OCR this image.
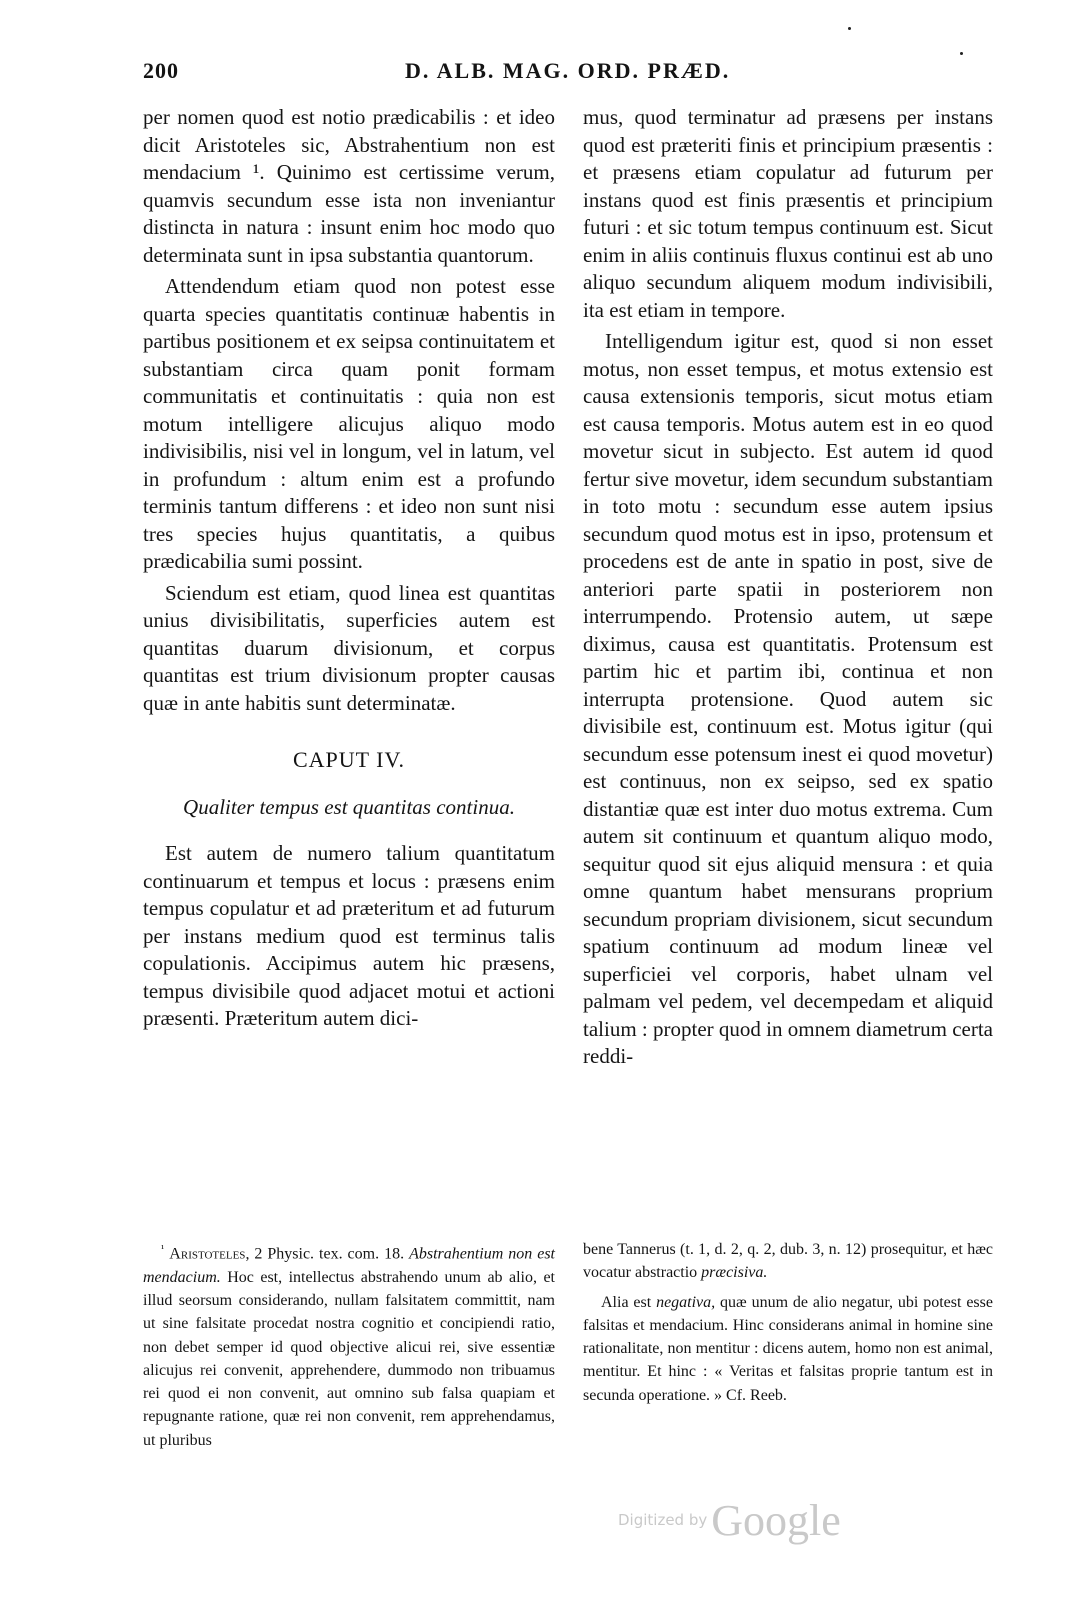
200	D. ALB. MAG. ORD. PRÆD.

per nomen quod est notio prædicabilis : et ideo dicit Aristoteles sic, Abstrahentium non est mendacium ¹. Quinimo est certissime verum, quamvis secundum esse ista non inveniantur distincta in natura : insunt enim hoc modo quo determinata sunt in ipsa substantia quantorum.

Attendendum etiam quod non potest esse quarta species quantitatis continuæ habentis in partibus positionem et ex seipsa continuitatem et substantiam circa quam ponit formam communitatis et continuitatis : quia non est motum intelligere alicujus aliquo modo indivisibilis, nisi vel in longum, vel in latum, vel in profundum : altum enim est a profundo terminis tantum differens : et ideo non sunt nisi tres species hujus quantitatis, a quibus prædicabilia sumi possint.

Sciendum est etiam, quod linea est quantitas unius divisibilitatis, superficies autem est quantitas duarum divisionum, et corpus quantitas est trium divisionum propter causas quæ in ante habitis sunt determinatæ.

CAPUT IV.
Qualiter tempus est quantitas continua.

Est autem de numero talium quantitatum continuarum et tempus et locus : præsens enim tempus copulatur et ad præteritum et ad futurum per instans medium quod est terminus talis copulationis. Accipimus autem hic præsens, tempus divisibile quod adjacet motui et actioni præsenti. Præteritum autem dici-

mus, quod terminatur ad præsens per instans quod est præteriti finis et principium præsentis : et præsens etiam copulatur ad futurum per instans quod est finis præsentis et principium futuri : et sic totum tempus continuum est. Sicut enim in aliis continuis fluxus continui est ab uno aliquo secundum aliquem modum indivisibili, ita est etiam in tempore.

Intelligendum igitur est, quod si non esset motus, non esset tempus, et motus extensio est causa extensionis temporis, sicut motus etiam est causa temporis. Motus autem est in eo quod movetur sicut in subjecto. Est autem id quod fertur sive movetur, idem secundum substantiam in toto motu : secundum esse autem ipsius secundum quod motus est in ipso, protensum et procedens est de ante in spatio in post, sive de anteriori parte spatii in posteriorem non interrumpendo. Protensio autem, ut sæpe diximus, causa est quantitatis. Protensum est partim hic et partim ibi, continua et non interrupta protensione. Quod autem sic divisibile est, continuum est. Motus igitur (qui secundum esse potensum inest ei quod movetur) est continuus, non ex seipso, sed ex spatio distantiæ quæ est inter duo motus extrema. Cum autem sit continuum et quantum aliquo modo, sequitur quod sit ejus aliquid mensura : et quia omne quantum habet mensurans proprium secundum propriam divisionem, sicut secundum spatium continuum ad modum lineæ vel superficiei vel corporis, habet ulnam vel palmam vel pedem, vel decempedam et aliquid talium : propter quod in omnem diametrum certa reddi-

$^{^1}$ Aristoteles, 2 Physic. tex. com. 18. Abstrahentium non est mendacium. Hoc est, intellectus abstrahendo unum ab alio, et illud seorsum considerando, nullam falsitatem committit, nam ut sine falsitate procedat nostra cognitio et concipiendi ratio, non debet semper id quod objective alicui rei, sive essentiæ alicujus rei convenit, apprehendere, dummodo non tribuamus rei quod ei non convenit, aut omnino sub falsa quapiam et repugnante ratione, quæ rei non convenit, rem apprehendamus, ut pluribus

bene Tannerus (t. 1, d. 2, q. 2, dub. 3, n. 12) prosequitur, et hæc vocatur abstractio præcisiva.

Alia est negativa, quæ unum de alio negatur, ubi potest esse falsitas et mendacium. Hinc considerans animal in homine sine rationalitate, non mentitur : dicens autem, homo non est animal, mentitur. Et hinc : « Veritas et falsitas proprie tantum est in secunda operatione. » Cf. Reeb.

Digitized byGoogle
